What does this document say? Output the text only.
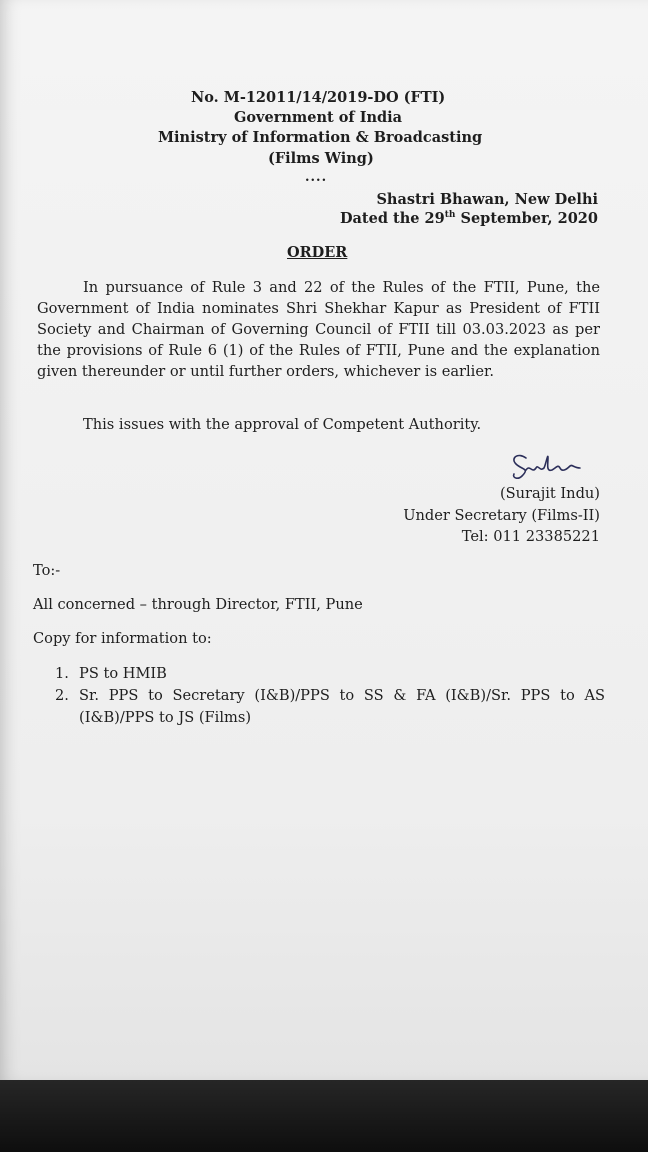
No. M-12011/14/2019-DO (FTI)
Government of India
Ministry of Information & Broadcasting
(Films Wing)
....
Shastri Bhawan, New Delhi
Dated the 29th September, 2020
ORDER
In pursuance of Rule 3 and 22 of the Rules of the FTII, Pune, the Government of India nominates Shri Shekhar Kapur as President of FTII Society and Chairman of Governing Council of FTII till 03.03.2023 as per the provisions of Rule 6 (1) of the Rules of FTII, Pune and the explanation given thereunder or until further orders, whichever is earlier.
This issues with the approval of Competent Authority.
(Surajit Indu)
Under Secretary (Films-II)
Tel: 011 23385221
To:-
All concerned – through Director, FTII, Pune
Copy for information to:
1. PS to HMIB
2. Sr. PPS to Secretary (I&B)/PPS to SS & FA (I&B)/Sr. PPS to AS (I&B)/PPS to JS (Films)
